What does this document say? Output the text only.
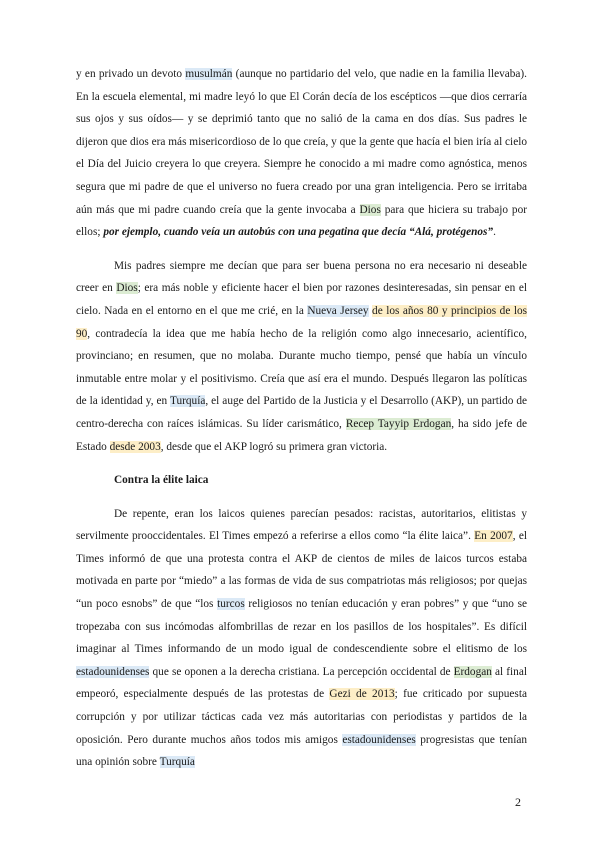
y en privado un devoto musulmán (aunque no partidario del velo, que nadie en la familia llevaba). En la escuela elemental, mi madre leyó lo que El Corán decía de los escépticos —que dios cerraría sus ojos y sus oídos— y se deprimió tanto que no salió de la cama en dos días. Sus padres le dijeron que dios era más misericordioso de lo que creía, y que la gente que hacía el bien iría al cielo el Día del Juicio creyera lo que creyera. Siempre he conocido a mi madre como agnóstica, menos segura que mi padre de que el universo no fuera creado por una gran inteligencia. Pero se irritaba aún más que mi padre cuando creía que la gente invocaba a Dios para que hiciera su trabajo por ellos; por ejemplo, cuando veía un autobús con una pegatina que decía “Alá, protégenos”.

Mis padres siempre me decían que para ser buena persona no era necesario ni deseable creer en Dios; era más noble y eficiente hacer el bien por razones desinteresadas, sin pensar en el cielo. Nada en el entorno en el que me crié, en la Nueva Jersey de los años 80 y principios de los 90, contradecía la idea que me había hecho de la religión como algo innecesario, acientífico, provinciano; en resumen, que no molaba. Durante mucho tiempo, pensé que había un vínculo inmutable entre molar y el positivismo. Creía que así era el mundo. Después llegaron las políticas de la identidad y, en Turquía, el auge del Partido de la Justicia y el Desarrollo (AKP), un partido de centro-derecha con raíces islámicas. Su líder carismático, Recep Tayyip Erdogan, ha sido jefe de Estado desde 2003, desde que el AKP logró su primera gran victoria.

Contra la élite laica

De repente, eran los laicos quienes parecían pesados: racistas, autoritarios, elitistas y servilmente prooccidentales. El Times empezó a referirse a ellos como “la élite laica”. En 2007, el Times informó de que una protesta contra el AKP de cientos de miles de laicos turcos estaba motivada en parte por “miedo” a las formas de vida de sus compatriotas más religiosos; por quejas “un poco esnobs” de que “los turcos religiosos no tenían educación y eran pobres” y que “uno se tropezaba con sus incómodas alfombrillas de rezar en los pasillos de los hospitales”. Es difícil imaginar al Times informando de un modo igual de condescendiente sobre el elitismo de los estadounidenses que se oponen a la derecha cristiana. La percepción occidental de Erdogan al final empeoró, especialmente después de las protestas de Gezi de 2013; fue criticado por supuesta corrupción y por utilizar tácticas cada vez más autoritarias con periodistas y partidos de la oposición. Pero durante muchos años todos mis amigos estadounidenses progresistas que tenían una opinión sobre Turquía

2
